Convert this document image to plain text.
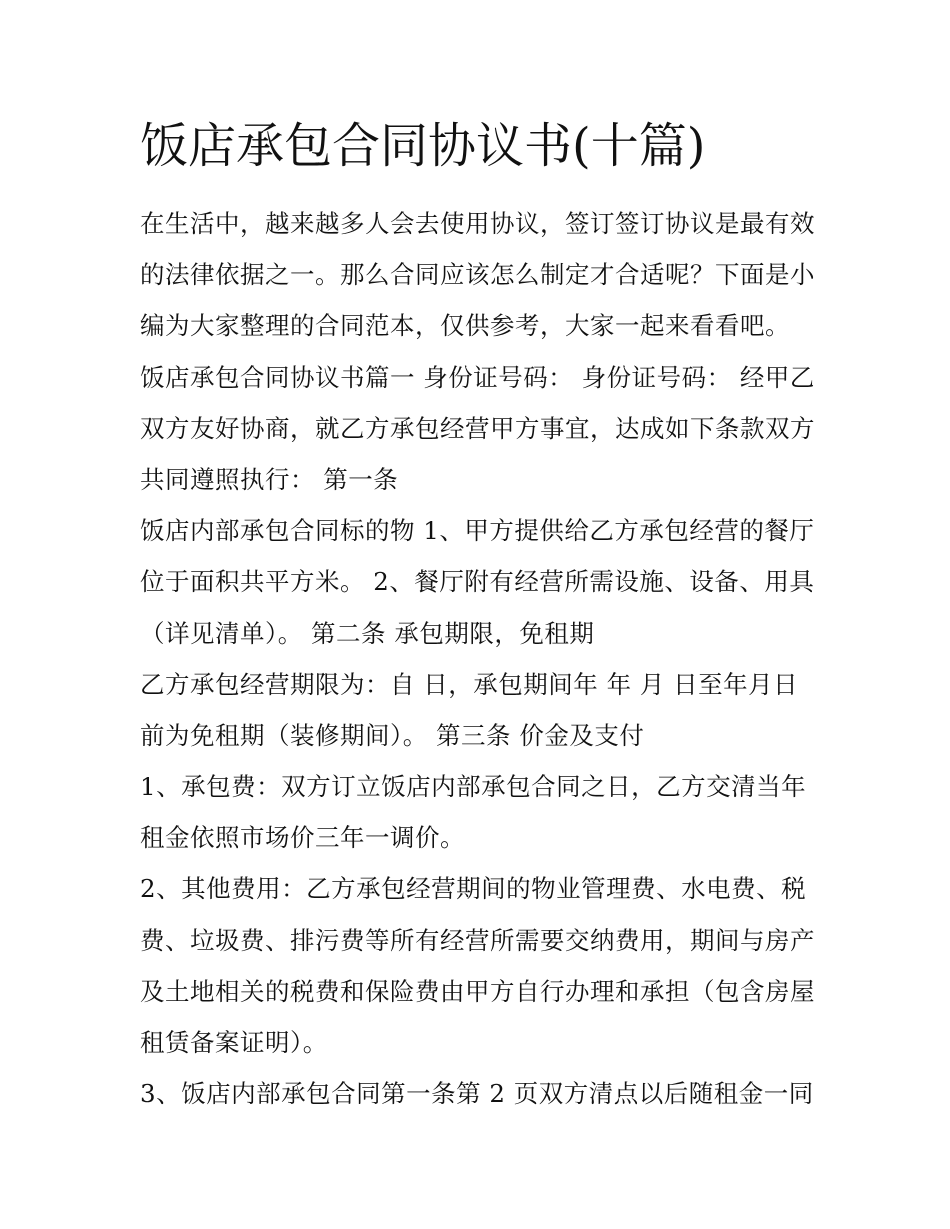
饭店承包合同协议书(十篇)
在生活中，越来越多人会去使用协议，签订签订协议是最有效
的法律依据之一。那么合同应该怎么制定才合适呢？下面是小
编为大家整理的合同范本，仅供参考，大家一起来看看吧。
饭店承包合同协议书篇一 身份证号码： 身份证号码： 经甲乙
双方友好协商，就乙方承包经营甲方事宜，达成如下条款双方
共同遵照执行： 第一条
饭店内部承包合同标的物 1、甲方提供给乙方承包经营的餐厅
位于面积共平方米。 2、餐厅附有经营所需设施、设备、用具
（详见清单）。 第二条 承包期限，免租期
乙方承包经营期限为：自 日，承包期间年 年 月 日至年月日
前为免租期（装修期间）。 第三条 价金及支付
1、承包费：双方订立饭店内部承包合同之日，乙方交清当年
租金依照市场价三年一调价。
2、其他费用：乙方承包经营期间的物业管理费、水电费、税
费、垃圾费、排污费等所有经营所需要交纳费用，期间与房产
及土地相关的税费和保险费由甲方自行办理和承担（包含房屋
租赁备案证明）。
3、饭店内部承包合同第一条第 2 页双方清点以后随租金一同
